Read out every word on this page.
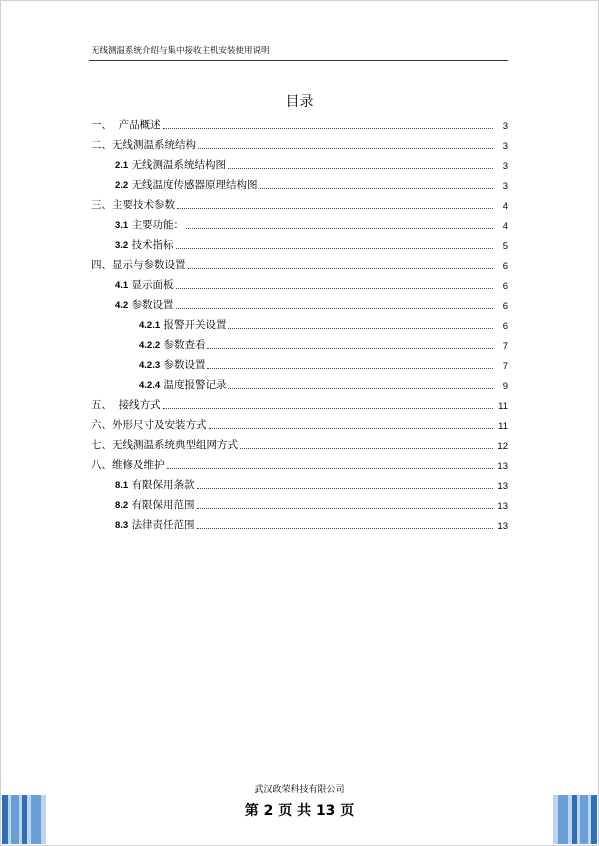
无线测温系统介绍与集中接收主机安装使用说明
目录
一、  产品概述	3
二、无线测温系统结构	3
2.1 无线测温系统结构图	3
2.2 无线温度传感器原理结构图	3
三、主要技术参数	4
3.1 主要功能：	4
3.2 技术指标	5
四、显示与参数设置	6
4.1 显示面板	6
4.2 参数设置	6
4.2.1 报警开关设置	6
4.2.2 参数查看	7
4.2.3 参数设置	7
4.2.4 温度报警记录	9
五、  接线方式	11
六、外形尺寸及安装方式	11
七、无线测温系统典型组网方式	12
八、维修及维护	13
8.1 有限保用条款	13
8.2 有限保用范围	13
8.3 法律责任范围	13
武汉政荣科技有限公司
第 2 页 共 13 页
